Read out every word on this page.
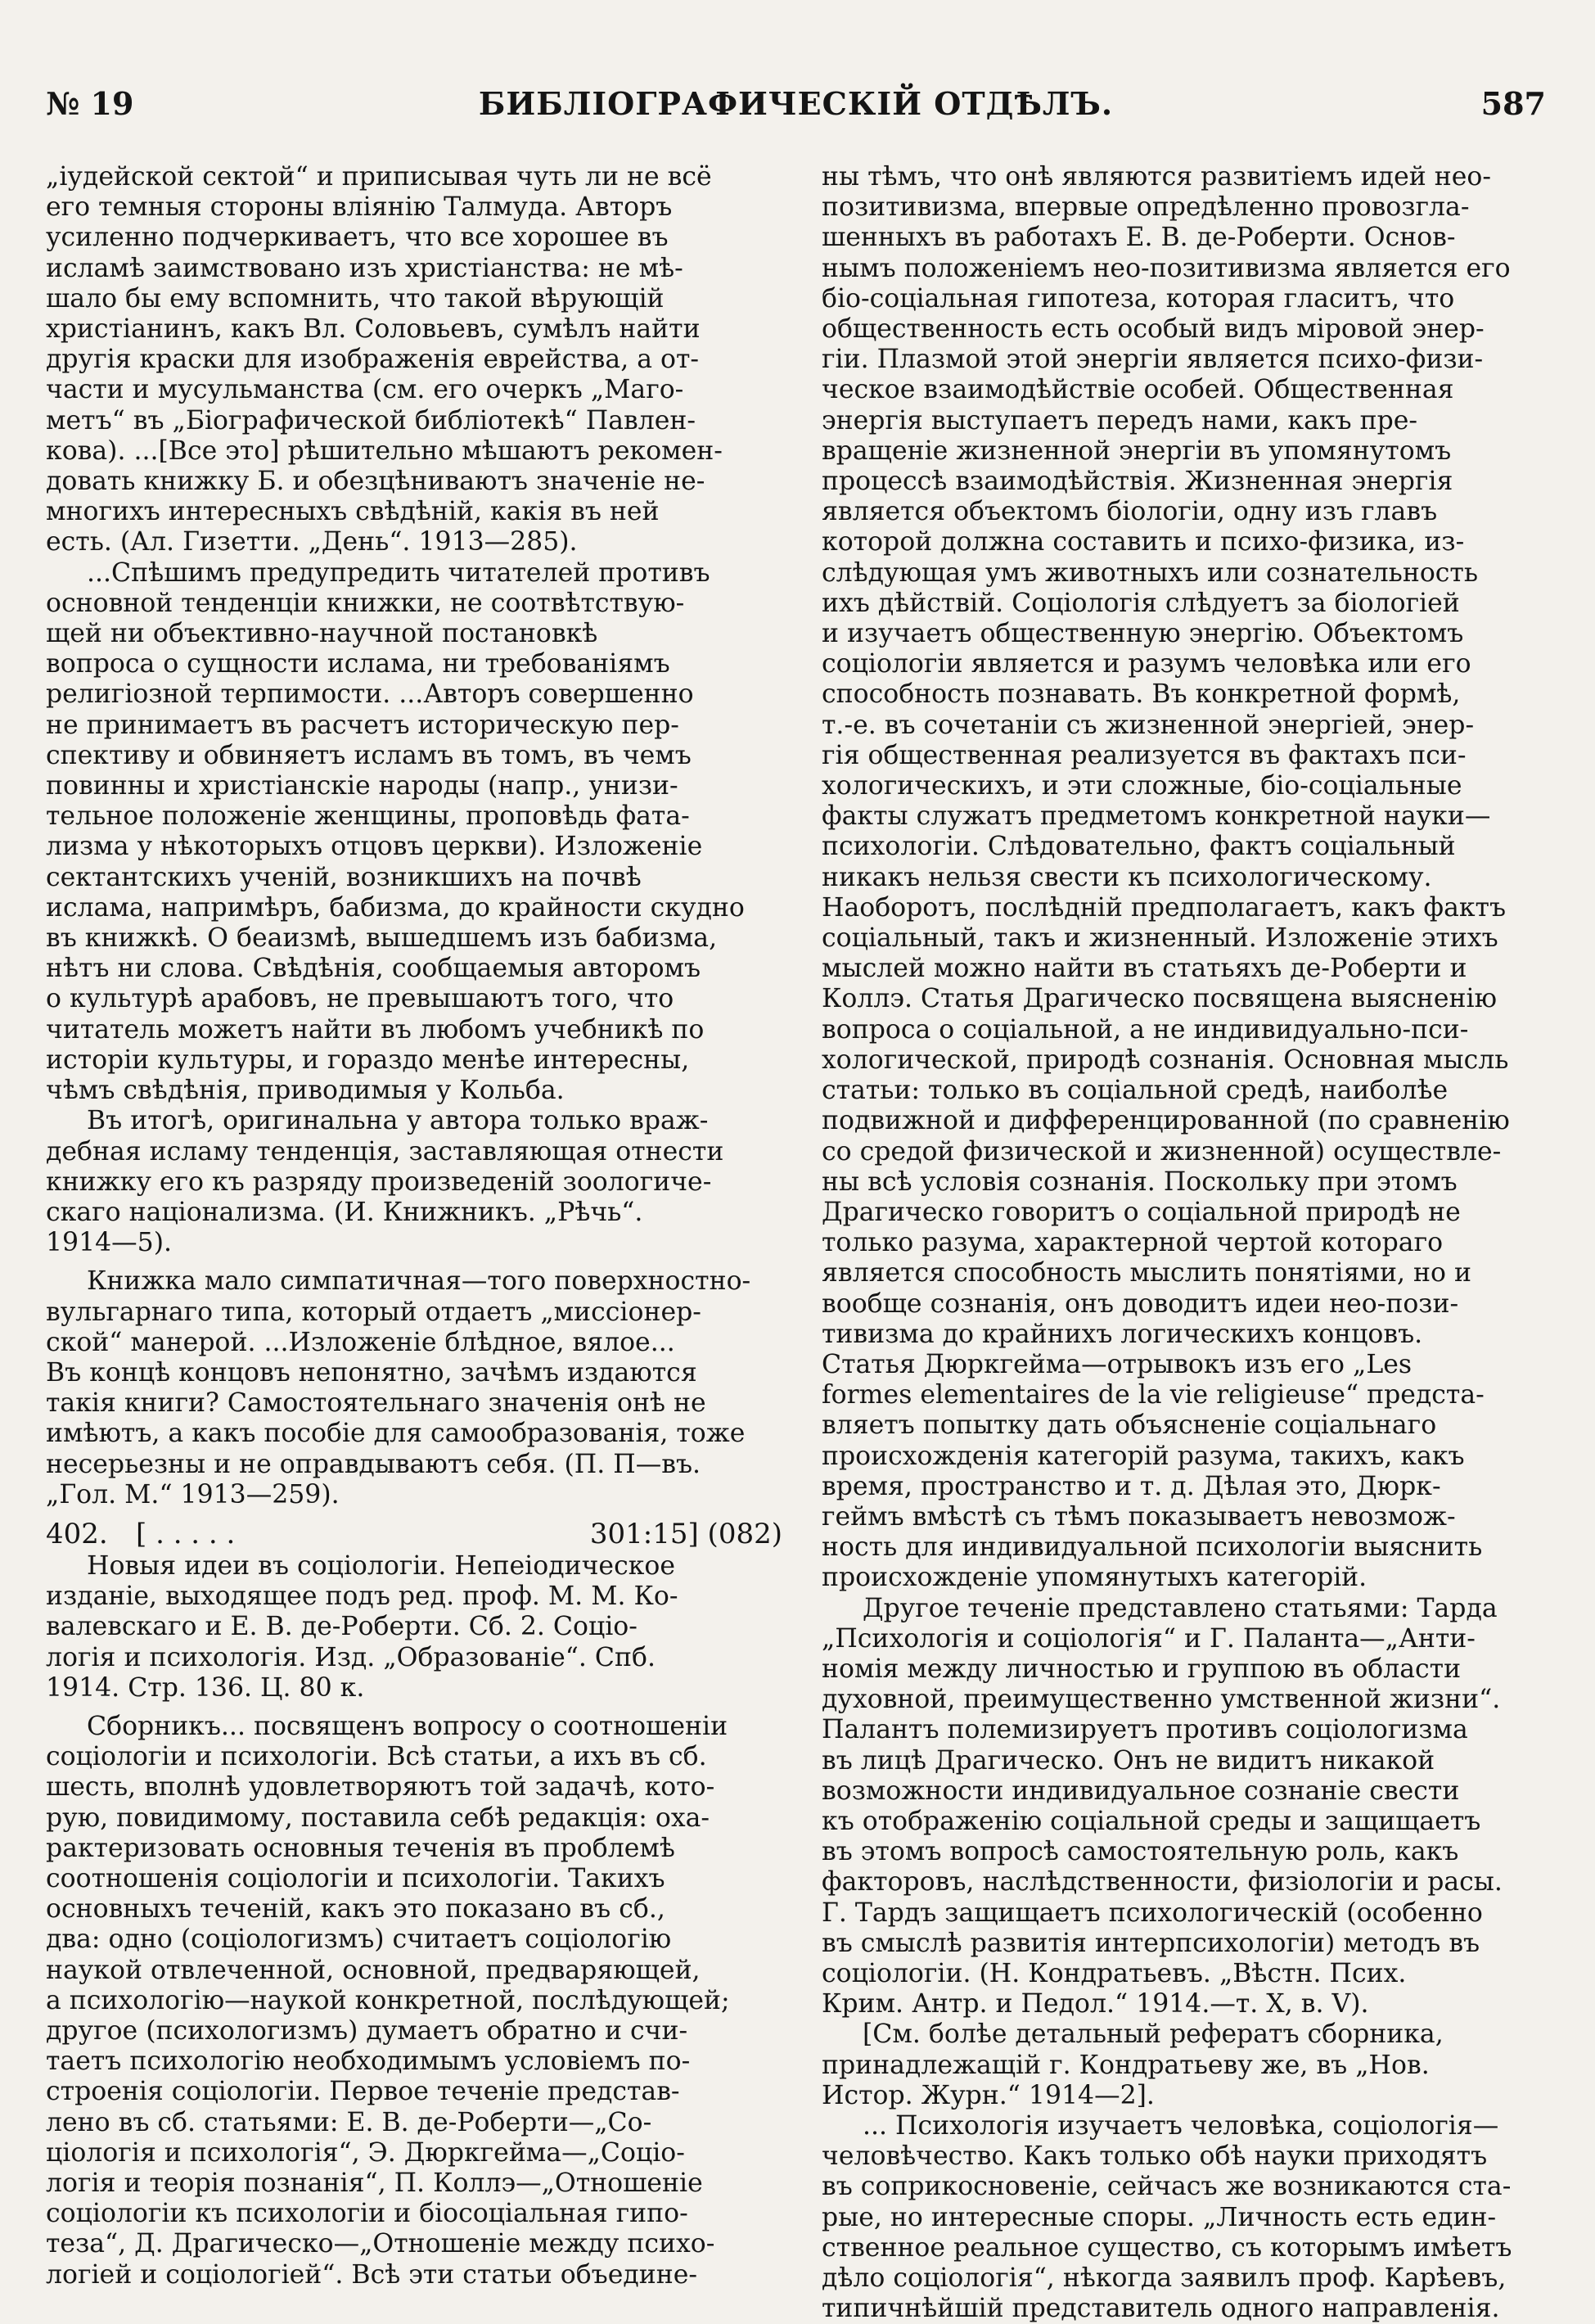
№ 19	БИБЛІОГРАФИЧЕСКІЙ ОТДѢЛЪ.	587
„іудейской сектой“ и приписывая чуть ли не всё
его темныя стороны вліянію Талмуда. Авторъ
усиленно подчеркиваетъ, что все хорошее въ
исламѣ заимствовано изъ христіанства: не мѣ-
шало бы ему вспомнить, что такой вѣрующій
христіанинъ, какъ Вл. Соловьевъ, сумѣлъ найти
другія краски для изображенія еврейства, а от-
части и мусульманства (см. его очеркъ „Маго-
метъ“ въ „Біографической библіотекѣ“ Павлен-
кова). ...[Все это] рѣшительно мѣшаютъ рекомен-
довать книжку Б. и обезцѣниваютъ значеніе не-
многихъ интересныхъ свѣдѣній, какія въ ней
есть. (Ал. Гизетти. „День“. 1913—285).
...Спѣшимъ предупредить читателей противъ
основной тенденціи книжки, не соотвѣтствую-
щей ни объективно-научной постановкѣ
вопроса о сущности ислама, ни требованіямъ
религіозной терпимости. ...Авторъ совершенно
не принимаетъ въ расчетъ историческую пер-
спективу и обвиняетъ исламъ въ томъ, въ чемъ
повинны и христіанскіе народы (напр., унизи-
тельное положеніе женщины, проповѣдь фата-
лизма у нѣкоторыхъ отцовъ церкви). Изложеніе
сектантскихъ ученій, возникшихъ на почвѣ
ислама, напримѣръ, бабизма, до крайности скудно
въ книжкѣ. О беаизмѣ, вышедшемъ изъ бабизма,
нѣтъ ни слова. Свѣдѣнія, сообщаемыя авторомъ
о культурѣ арабовъ, не превышаютъ того, что
читатель можетъ найти въ любомъ учебникѣ по
исторіи культуры, и гораздо менѣе интересны,
чѣмъ свѣдѣнія, приводимыя у Кольба.
Въ итогѣ, оригинальна у автора только враж-
дебная исламу тенденція, заставляющая отнести
книжку его къ разряду произведеній зоологиче-
скаго націонализма. (И. Книжникъ. „Рѣчь“.
1914—5).
Книжка мало симпатичная—того поверхностно-
вульгарнаго типа, который отдаетъ „миссіонер-
ской“ манерой. ...Изложеніе блѣдное, вялое...
Въ концѣ концовъ непонятно, зачѣмъ издаются
такія книги? Самостоятельнаго значенія онѣ не
имѣютъ, а какъ пособіе для самообразованія, тоже
несерьезны и не оправдываютъ себя. (П. П—въ.
„Гол. М.“ 1913—259).
402. [ . . . . .	301:15] (082)
Новыя идеи въ соціологіи. Непеіодическое
изданіе, выходящее подъ ред. проф. М. М. Ко-
валевскаго и Е. В. де-Роберти. Сб. 2. Соціо-
логія и психологія. Изд. „Образованіе“. Спб.
1914. Стр. 136. Ц. 80 к.
Сборникъ... посвященъ вопросу о соотношеніи
соціологіи и психологіи. Всѣ статьи, а ихъ въ сб.
шесть, вполнѣ удовлетворяютъ той задачѣ, кото-
рую, повидимому, поставила себѣ редакція: оха-
рактеризовать основныя теченія въ проблемѣ
соотношенія соціологіи и психологіи. Такихъ
основныхъ теченій, какъ это показано въ сб.,
два: одно (соціологизмъ) считаетъ соціологію
наукой отвлеченной, основной, предваряющей,
а психологію—наукой конкретной, послѣдующей;
другое (психологизмъ) думаетъ обратно и счи-
таетъ психологію необходимымъ условіемъ по-
строенія соціологіи. Первое теченіе представ-
лено въ сб. статьями: Е. В. де-Роберти—„Со-
ціологія и психологія“, Э. Дюркгейма—„Соціо-
логія и теорія познанія“, П. Коллэ—„Отношеніе
соціологіи къ психологіи и біосоціальная гипо-
теза“, Д. Драгическо—„Отношеніе между психо-
логіей и соціологіей“. Всѣ эти статьи объедине-
ны тѣмъ, что онѣ являются развитіемъ идей нео-
позитивизма, впервые опредѣленно провозгла-
шенныхъ въ работахъ Е. В. де-Роберти. Основ-
нымъ положеніемъ нео-позитивизма является его
біо-соціальная гипотеза, которая гласитъ, что
общественность есть особый видъ міровой энер-
гіи. Плазмой этой энергіи является психо-физи-
ческое взаимодѣйствіе особей. Общественная
энергія выступаетъ передъ нами, какъ пре-
вращеніе жизненной энергіи въ упомянутомъ
процессѣ взаимодѣйствія. Жизненная энергія
является объектомъ біологіи, одну изъ главъ
которой должна составить и психо-физика, из-
слѣдующая умъ животныхъ или сознательность
ихъ дѣйствій. Соціологія слѣдуетъ за біологіей
и изучаетъ общественную энергію. Объектомъ
соціологіи является и разумъ человѣка или его
способность познавать. Въ конкретной формѣ,
т.-е. въ сочетаніи съ жизненной энергіей, энер-
гія общественная реализуется въ фактахъ пси-
хологическихъ, и эти сложные, біо-соціальные
факты служатъ предметомъ конкретной науки—
психологіи. Слѣдовательно, фактъ соціальный
никакъ нельзя свести къ психологическому.
Наоборотъ, послѣдній предполагаетъ, какъ фактъ
соціальный, такъ и жизненный. Изложеніе этихъ
мыслей можно найти въ статьяхъ де-Роберти и
Коллэ. Статья Драгическо посвящена выясненію
вопроса о соціальной, а не индивидуально-пси-
хологической, природѣ сознанія. Основная мысль
статьи: только въ соціальной средѣ, наиболѣе
подвижной и дифференцированной (по сравненію
со средой физической и жизненной) осуществле-
ны всѣ условія сознанія. Поскольку при этомъ
Драгическо говоритъ о соціальной природѣ не
только разума, характерной чертой котораго
является способность мыслить понятіями, но и
вообще сознанія, онъ доводитъ идеи нео-пози-
тивизма до крайнихъ логическихъ концовъ.
Статья Дюркгейма—отрывокъ изъ его „Les
formes elementaires de la vie religieuse“ предста-
вляетъ попытку дать объясненіе соціальнаго
происхожденія категорій разума, такихъ, какъ
время, пространство и т. д. Дѣлая это, Дюрк-
геймъ вмѣстѣ съ тѣмъ показываетъ невозмож-
ность для индивидуальной психологіи выяснить
происхожденіе упомянутыхъ категорій.
Другое теченіе представлено статьями: Тарда
„Психологія и соціологія“ и Г. Паланта—„Анти-
номія между личностью и группою въ области
духовной, преимущественно умственной жизни“.
Палантъ полемизируетъ противъ соціологизма
въ лицѣ Драгическо. Онъ не видитъ никакой
возможности индивидуальное сознаніе свести
къ отображенію соціальной среды и защищаетъ
въ этомъ вопросѣ самостоятельную роль, какъ
факторовъ, наслѣдственности, физіологіи и расы.
Г. Тардъ защищаетъ психологическій (особенно
въ смыслѣ развитія интерпсихологіи) методъ въ
соціологіи. (Н. Кондратьевъ. „Вѣстн. Псих.
Крим. Антр. и Педол.“ 1914.—т. X, в. V).
[См. болѣе детальный рефератъ сборника,
принадлежащій г. Кондратьеву же, въ „Нов.
Истор. Журн.“ 1914—2].
... Психологія изучаетъ человѣка, соціологія—
человѣчество. Какъ только обѣ науки приходятъ
въ соприкосновеніе, сейчасъ же возникаются ста-
рые, но интересные споры. „Личность есть един-
ственное реальное существо, съ которымъ имѣетъ
дѣло соціологія“, нѣкогда заявилъ проф. Карѣевъ,
типичнѣйшій представитель одного направленія.
